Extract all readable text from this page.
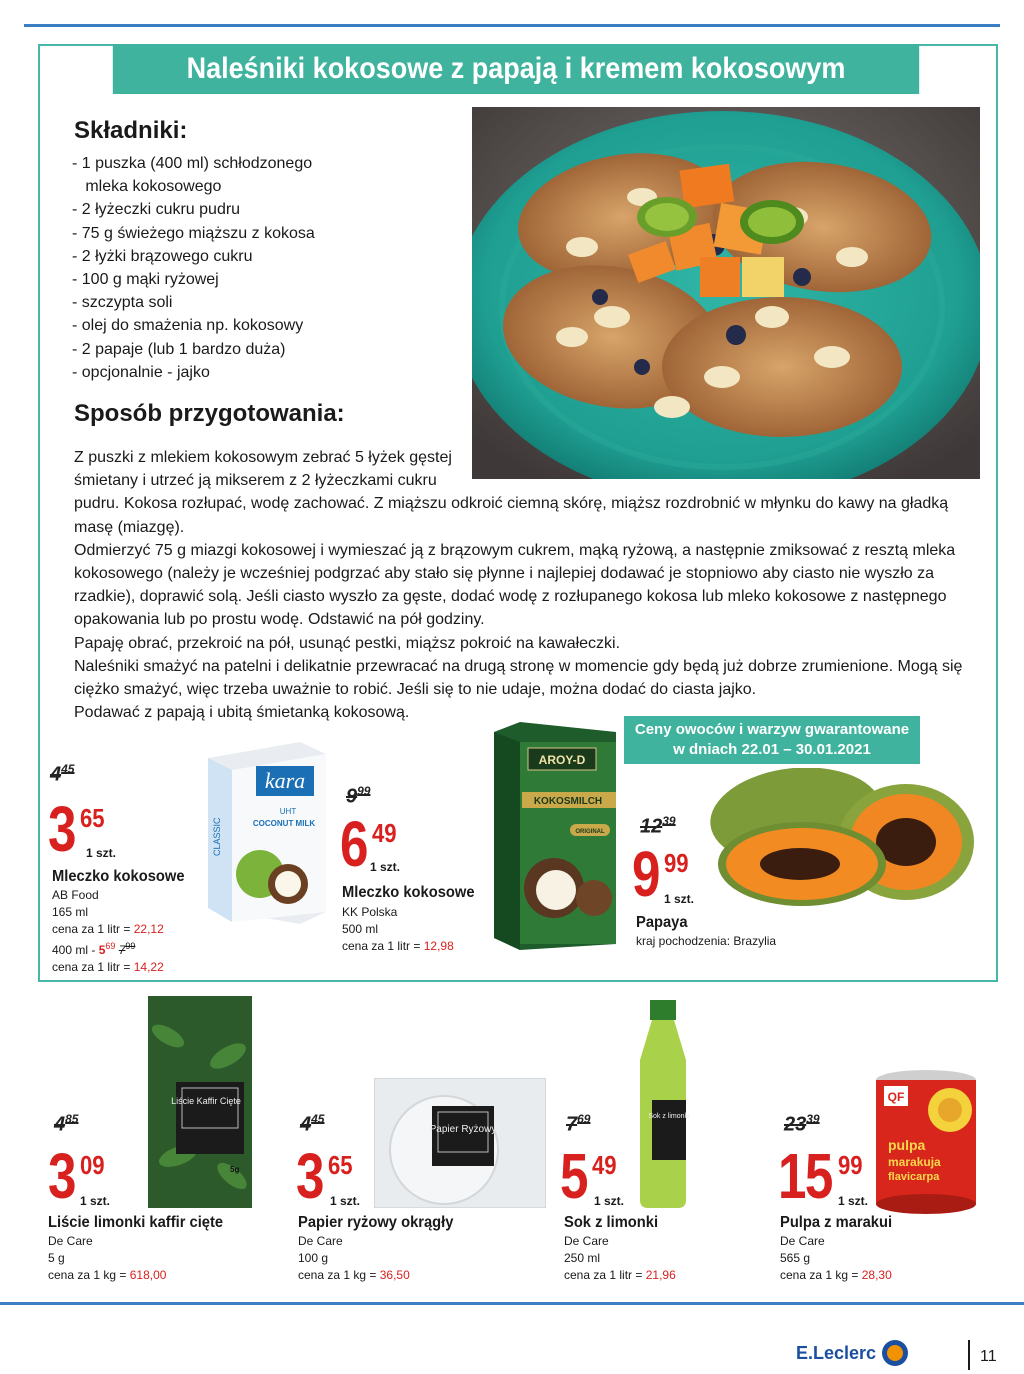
Naleśniki kokosowe z papają i kremem kokosowym
Składniki:
- 1 puszka (400 ml) schłodzonego
mleka kokosowego
- 2 łyżeczki cukru pudru
- 75 g świeżego miąższu z kokosa
- 2 łyżki brązowego cukru
- 100 g mąki ryżowej
- szczypta soli
- olej do smażenia np. kokosowy
- 2 papaje (lub 1 bardzo duża)
- opcjonalnie - jajko
Sposób przygotowania:

Z puszki z mlekiem kokosowym zebrać 5 łyżek gęstej

śmietany i utrzeć ją mikserem z 2 łyżeczkami cukru

pudru. Kokosa rozłupać, wodę zachować. Z miąższu odkroić ciemną skórę, miąższ rozdrobnić w młynku do kawy na gładką

masę (miazgę).

Odmierzyć 75 g miazgi kokosowej i wymieszać ją z brązowym cukrem, mąką ryżową, a następnie zmiksować z resztą mleka

kokosowego (należy je wcześniej podgrzać aby stało się płynne i najlepiej dodawać je stopniowo aby ciasto nie wyszło za

rzadkie), doprawić solą. Jeśli ciasto wyszło za gęste, dodać wodę z rozłupanego kokosa lub mleko kokosowe z następnego

opakowania lub po prostu wodę. Odstawić na pół godziny.

Papaję obrać, przekroić na pół, usunąć pestki, miąższ pokroić na kawałeczki.

Naleśniki smażyć na patelni i delikatnie przewracać na drugą stronę w momencie gdy będą już dobrze zrumienione. Mogą się

ciężko smażyć, więc trzeba uważnie to robić. Jeśli się to nie udaje, można dodać do ciasta jajko.

Podawać z papają i ubitą śmietanką kokosową.

$4^{45}$
3 65
1 szt.
Mleczko kokosowe
AB Food
165 ml
cena za 1 litr = 22,12
400 ml - $5^{69}$ $7^{99}$
cena za 1 litr = 14,22
kara
UHT
COCONUT MILK
CLASSIC
$9^{99}$
6 49
1 szt.
Mleczko kokosowe
KK Polska
500 ml
cena za 1 litr = 12,98
AROY-D
KOKOSMILCH
ORIGINAL
Ceny owoców i warzyw gwarantowane
w dniach 22.01 – 30.01.2021
$12^{39}$
9 99
1 szt.
Papaya
kraj pochodzenia: Brazylia
Liście Kaffir Cięte
5g
$4^{85}$
3 09
1 szt.
Liście limonki kaffir cięte
De Care
5 g
cena za 1 kg = 618,00
Papier Ryżowy
$4^{45}$
3 65
1 szt.
Papier ryżowy okrągły
De Care
100 g
cena za 1 kg = 36,50
Sok z limonki
$7^{69}$
5 49
1 szt.
Sok z limonki
De Care
250 ml
cena za 1 litr = 21,96
QF
pulpa
marakuja
flavicarpa
$23^{39}$
15 99
1 szt.
Pulpa z marakui
De Care
565 g
cena za 1 kg = 28,30
E.Leclerc	11
